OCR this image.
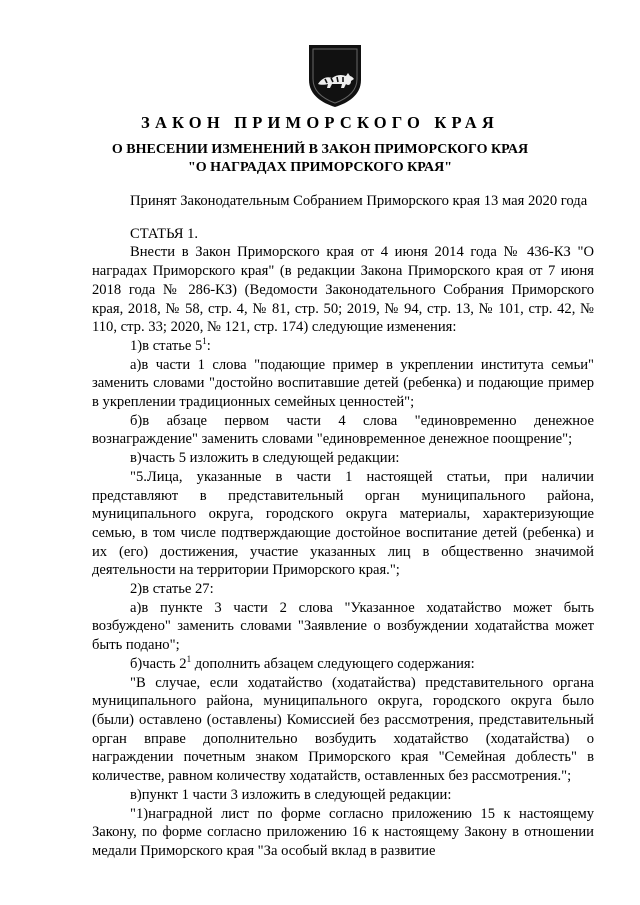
ЗАКОН ПРИМОРСКОГО КРАЯ
О ВНЕСЕНИИ ИЗМЕНЕНИЙ В ЗАКОН ПРИМОРСКОГО КРАЯ
"О НАГРАДАХ ПРИМОРСКОГО КРАЯ"

Принят Законодательным Собранием Приморского края 13 мая 2020 года

СТАТЬЯ 1.

Внести в Закон Приморского края от 4 июня 2014 года № 436-КЗ "О наградах Приморского края" (в редакции Закона Приморского края от 7 июня 2018 года № 286-КЗ) (Ведомости Законодательного Собрания Приморского края, 2018, № 58, стр. 4, № 81, стр. 50; 2019, № 94, стр. 13, № 101, стр. 42, № 110, стр. 33; 2020, № 121, стр. 174) следующие изменения:

1)в статье $5^1$:

а)в части 1 слова "подающие пример в укреплении института семьи" заменить словами "достойно воспитавшие детей (ребенка) и подающие пример в укреплении традиционных семейных ценностей";

б)в абзаце первом части 4 слова "единовременно денежное вознаграждение" заменить словами "единовременное денежное поощрение";

в)часть 5 изложить в следующей редакции:

"5.Лица, указанные в части 1 настоящей статьи, при наличии представляют в представительный орган муниципального района, муниципального округа, городского округа материалы, характеризующие семью, в том числе подтверждающие достойное воспитание детей (ребенка) и их (его) достижения, участие указанных лиц в общественно значимой деятельности на территории Приморского края.";

2)в статье 27:

а)в пункте 3 части 2 слова "Указанное ходатайство может быть возбуждено" заменить словами "Заявление о возбуждении ходатайства может быть подано";

б)часть $2^1$ дополнить абзацем следующего содержания:

"В случае, если ходатайство (ходатайства) представительного органа муниципального района, муниципального округа, городского округа было (были) оставлено (оставлены) Комиссией без рассмотрения, представительный орган вправе дополнительно возбудить ходатайство (ходатайства) о награждении почетным знаком Приморского края "Семейная доблесть" в количестве, равном количеству ходатайств, оставленных без рассмотрения.";

в)пункт 1 части 3 изложить в следующей редакции:

"1)наградной лист по форме согласно приложению 15 к настоящему Закону, по форме согласно приложению 16 к настоящему Закону в отношении медали Приморского края "За особый вклад в развитие
